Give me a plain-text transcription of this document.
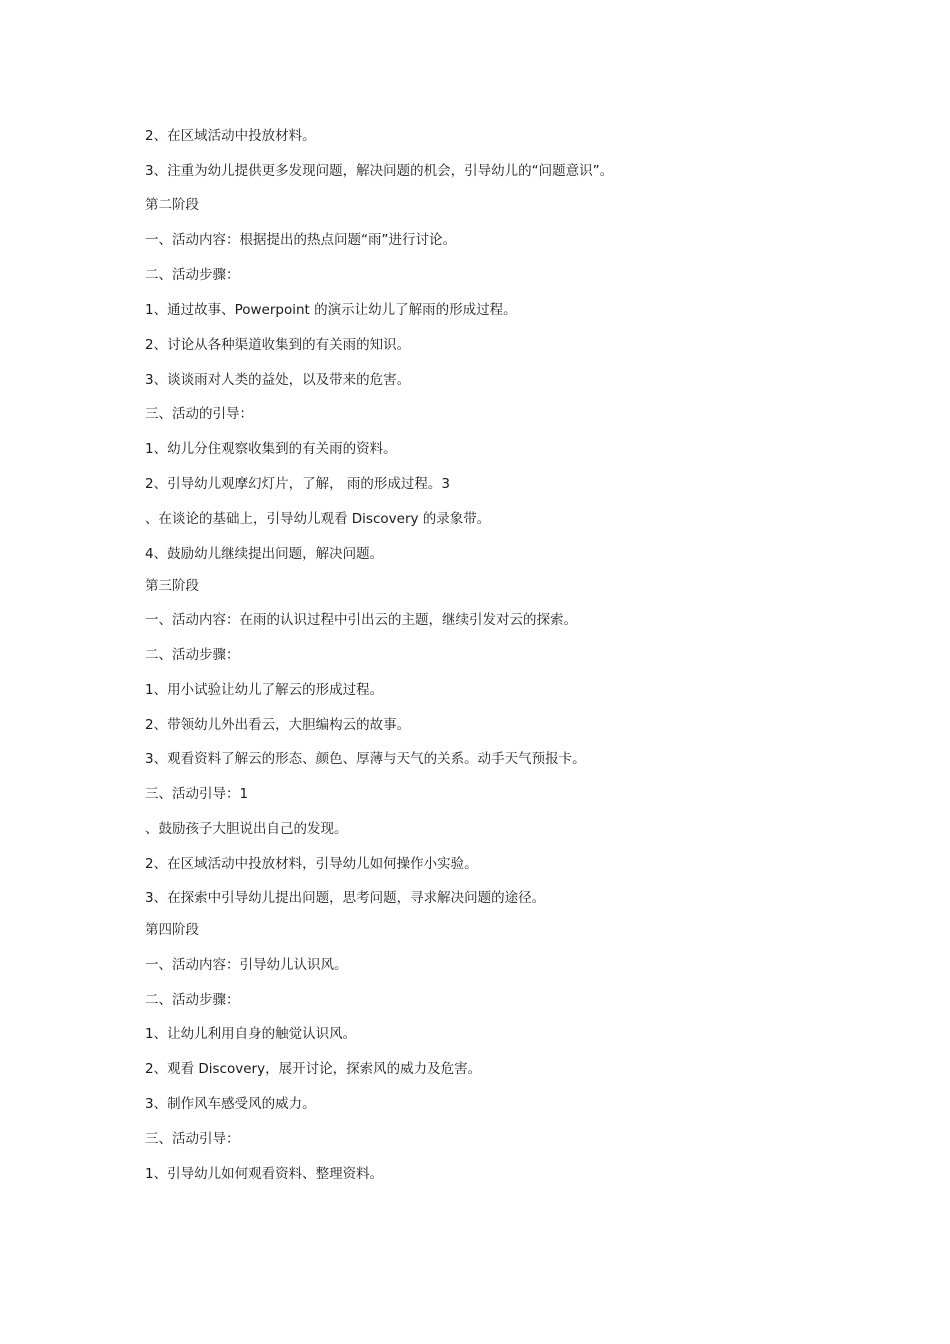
2、在区域活动中投放材料。

3、注重为幼儿提供更多发现问题，解决问题的机会，引导幼儿的“问题意识”。

第二阶段

一、活动内容：根据提出的热点问题“雨”进行讨论。

二、活动步骤：

1、通过故事、Powerpoint 的演示让幼儿了解雨的形成过程。

2、讨论从各种渠道收集到的有关雨的知识。

3、谈谈雨对人类的益处，以及带来的危害。

三、活动的引导：

1、幼儿分住观察收集到的有关雨的资料。

2、引导幼儿观摩幻灯片，了解， 雨的形成过程。3

、在谈论的基础上，引导幼儿观看 Discovery 的录象带。

4、鼓励幼儿继续提出问题，解决问题。

第三阶段

一、活动内容：在雨的认识过程中引出云的主题，继续引发对云的探索。

二、活动步骤：

1、用小试验让幼儿了解云的形成过程。

2、带领幼儿外出看云，大胆编构云的故事。

3、观看资料了解云的形态、颜色、厚薄与天气的关系。动手天气预报卡。

三、活动引导：1

、鼓励孩子大胆说出自己的发现。

2、在区域活动中投放材料，引导幼儿如何操作小实验。

3、在探索中引导幼儿提出问题，思考问题，寻求解决问题的途径。

第四阶段

一、活动内容：引导幼儿认识风。

二、活动步骤：

1、让幼儿利用自身的触觉认识风。

2、观看 Discovery，展开讨论，探索风的威力及危害。

3、制作风车感受风的威力。

三、活动引导：

1、引导幼儿如何观看资料、整理资料。
